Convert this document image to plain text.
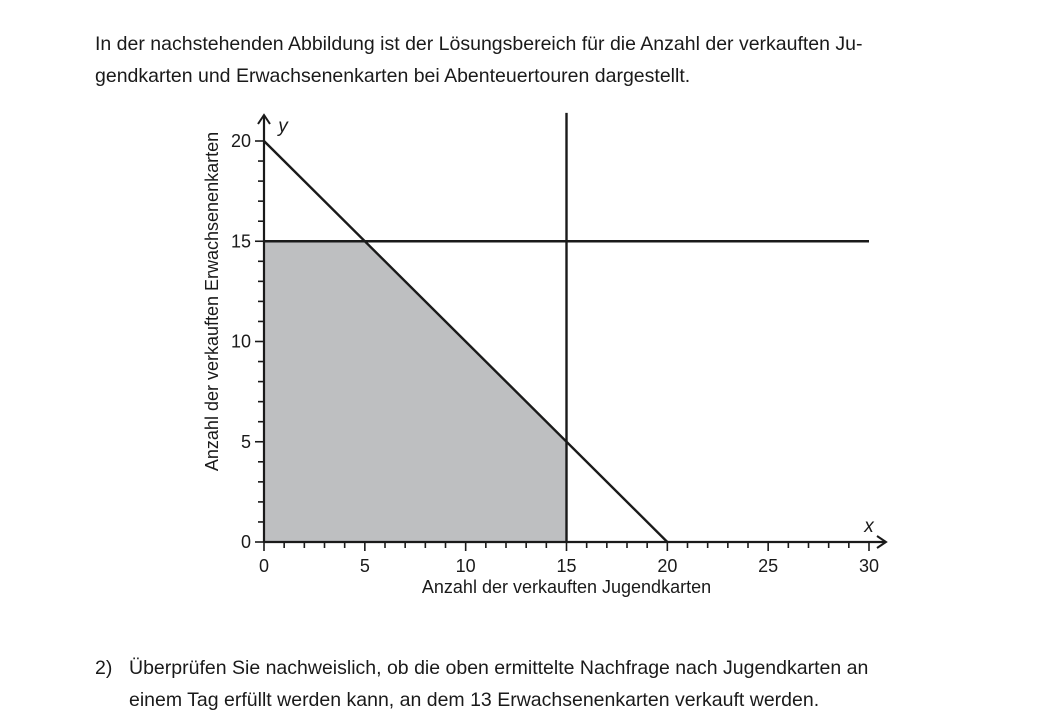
In der nachstehenden Abbildung ist der Lösungsbereich für die Anzahl der verkauften Ju-
gendkarten und Erwachsenenkarten bei Abenteuertouren dargestellt.

0	5	10	15	20	25	30
0
5
10
15
20
x
y
Anzahl der verkauften Jugendkarten
Anzahl der verkauften Erwachsenenkarten
2) Überprüfen Sie nachweislich, ob die oben ermittelte Nachfrage nach Jugendkarten an
einem Tag erfüllt werden kann, an dem 13 Erwachsenenkarten verkauft werden.
